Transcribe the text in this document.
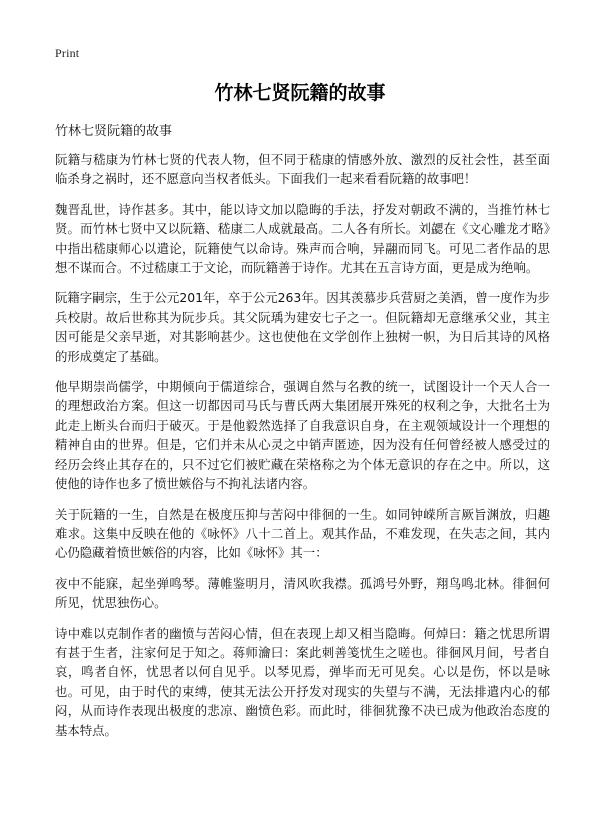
Print
竹林七贤阮籍的故事
竹林七贤阮籍的故事

阮籍与嵇康为竹林七贤的代表人物，但不同于嵇康的情感外放、激烈的反社会性，甚至面临杀身之祸时，还不愿意向当权者低头。下面我们一起来看看阮籍的故事吧！

魏晋乱世，诗作甚多。其中，能以诗文加以隐晦的手法，抒发对朝政不满的，当推竹林七贤。而竹林七贤中又以阮籍、嵇康二人成就最高。二人各有所长。刘勰在《文心雕龙才略》中指出嵇康师心以遣论，阮籍使气以命诗。殊声而合响，异翮而同飞。可见二者作品的思想不谋而合。不过嵇康工于文论，而阮籍善于诗作。尤其在五言诗方面，更是成为绝响。

阮籍字嗣宗，生于公元201年，卒于公元263年。因其羡慕步兵营厨之美酒，曾一度作为步兵校尉。故后世称其为阮步兵。其父阮瑀为建安七子之一。但阮籍却无意继承父业，其主因可能是父亲早逝，对其影响甚少。这也使他在文学创作上独树一帜，为日后其诗的风格的形成奠定了基础。

他早期崇尚儒学，中期倾向于儒道综合，强调自然与名教的统一，试图设计一个天人合一的理想政治方案。但这一切都因司马氏与曹氏两大集团展开殊死的权利之争，大批名士为此走上断头台而归于破灭。于是他毅然选择了自我意识自身，在主观领域设计一个理想的精神自由的世界。但是，它们并未从心灵之中销声匿迹，因为没有任何曾经被人感受过的经历会终止其存在的，只不过它们被贮藏在荣格称之为个体无意识的存在之中。所以，这使他的诗作也多了愤世嫉俗与不拘礼法诸内容。

关于阮籍的一生，自然是在极度压抑与苦闷中徘徊的一生。如同钟嵘所言厥旨渊放，归趣难求。这集中反映在他的《咏怀》八十二首上。观其作品，不难发现，在失志之间，其内心仍隐藏着愤世嫉俗的内容，比如《咏怀》其一：

夜中不能寐，起坐弹鸣琴。薄帷鉴明月，清风吹我襟。孤鸿号外野，翔鸟鸣北林。徘徊何所见，忧思独伤心。

诗中难以克制作者的幽愤与苦闷心情，但在表现上却又相当隐晦。何焯曰：籍之忧思所谓有甚于生者，注家何足于知之。蒋师瀹曰：案此刺善笺忧生之嗟也。徘徊风月间，号者自哀，鸣者自怀，忧思者以何自见乎。以琴见焉，弹毕而无可见矣。心以是伤，怀以是咏也。可见，由于时代的束缚，使其无法公开抒发对现实的失望与不满，无法排遣内心的郁闷，从而诗作表现出极度的悲凉、幽愤色彩。而此时，徘徊犹豫不决已成为他政治态度的基本特点。
